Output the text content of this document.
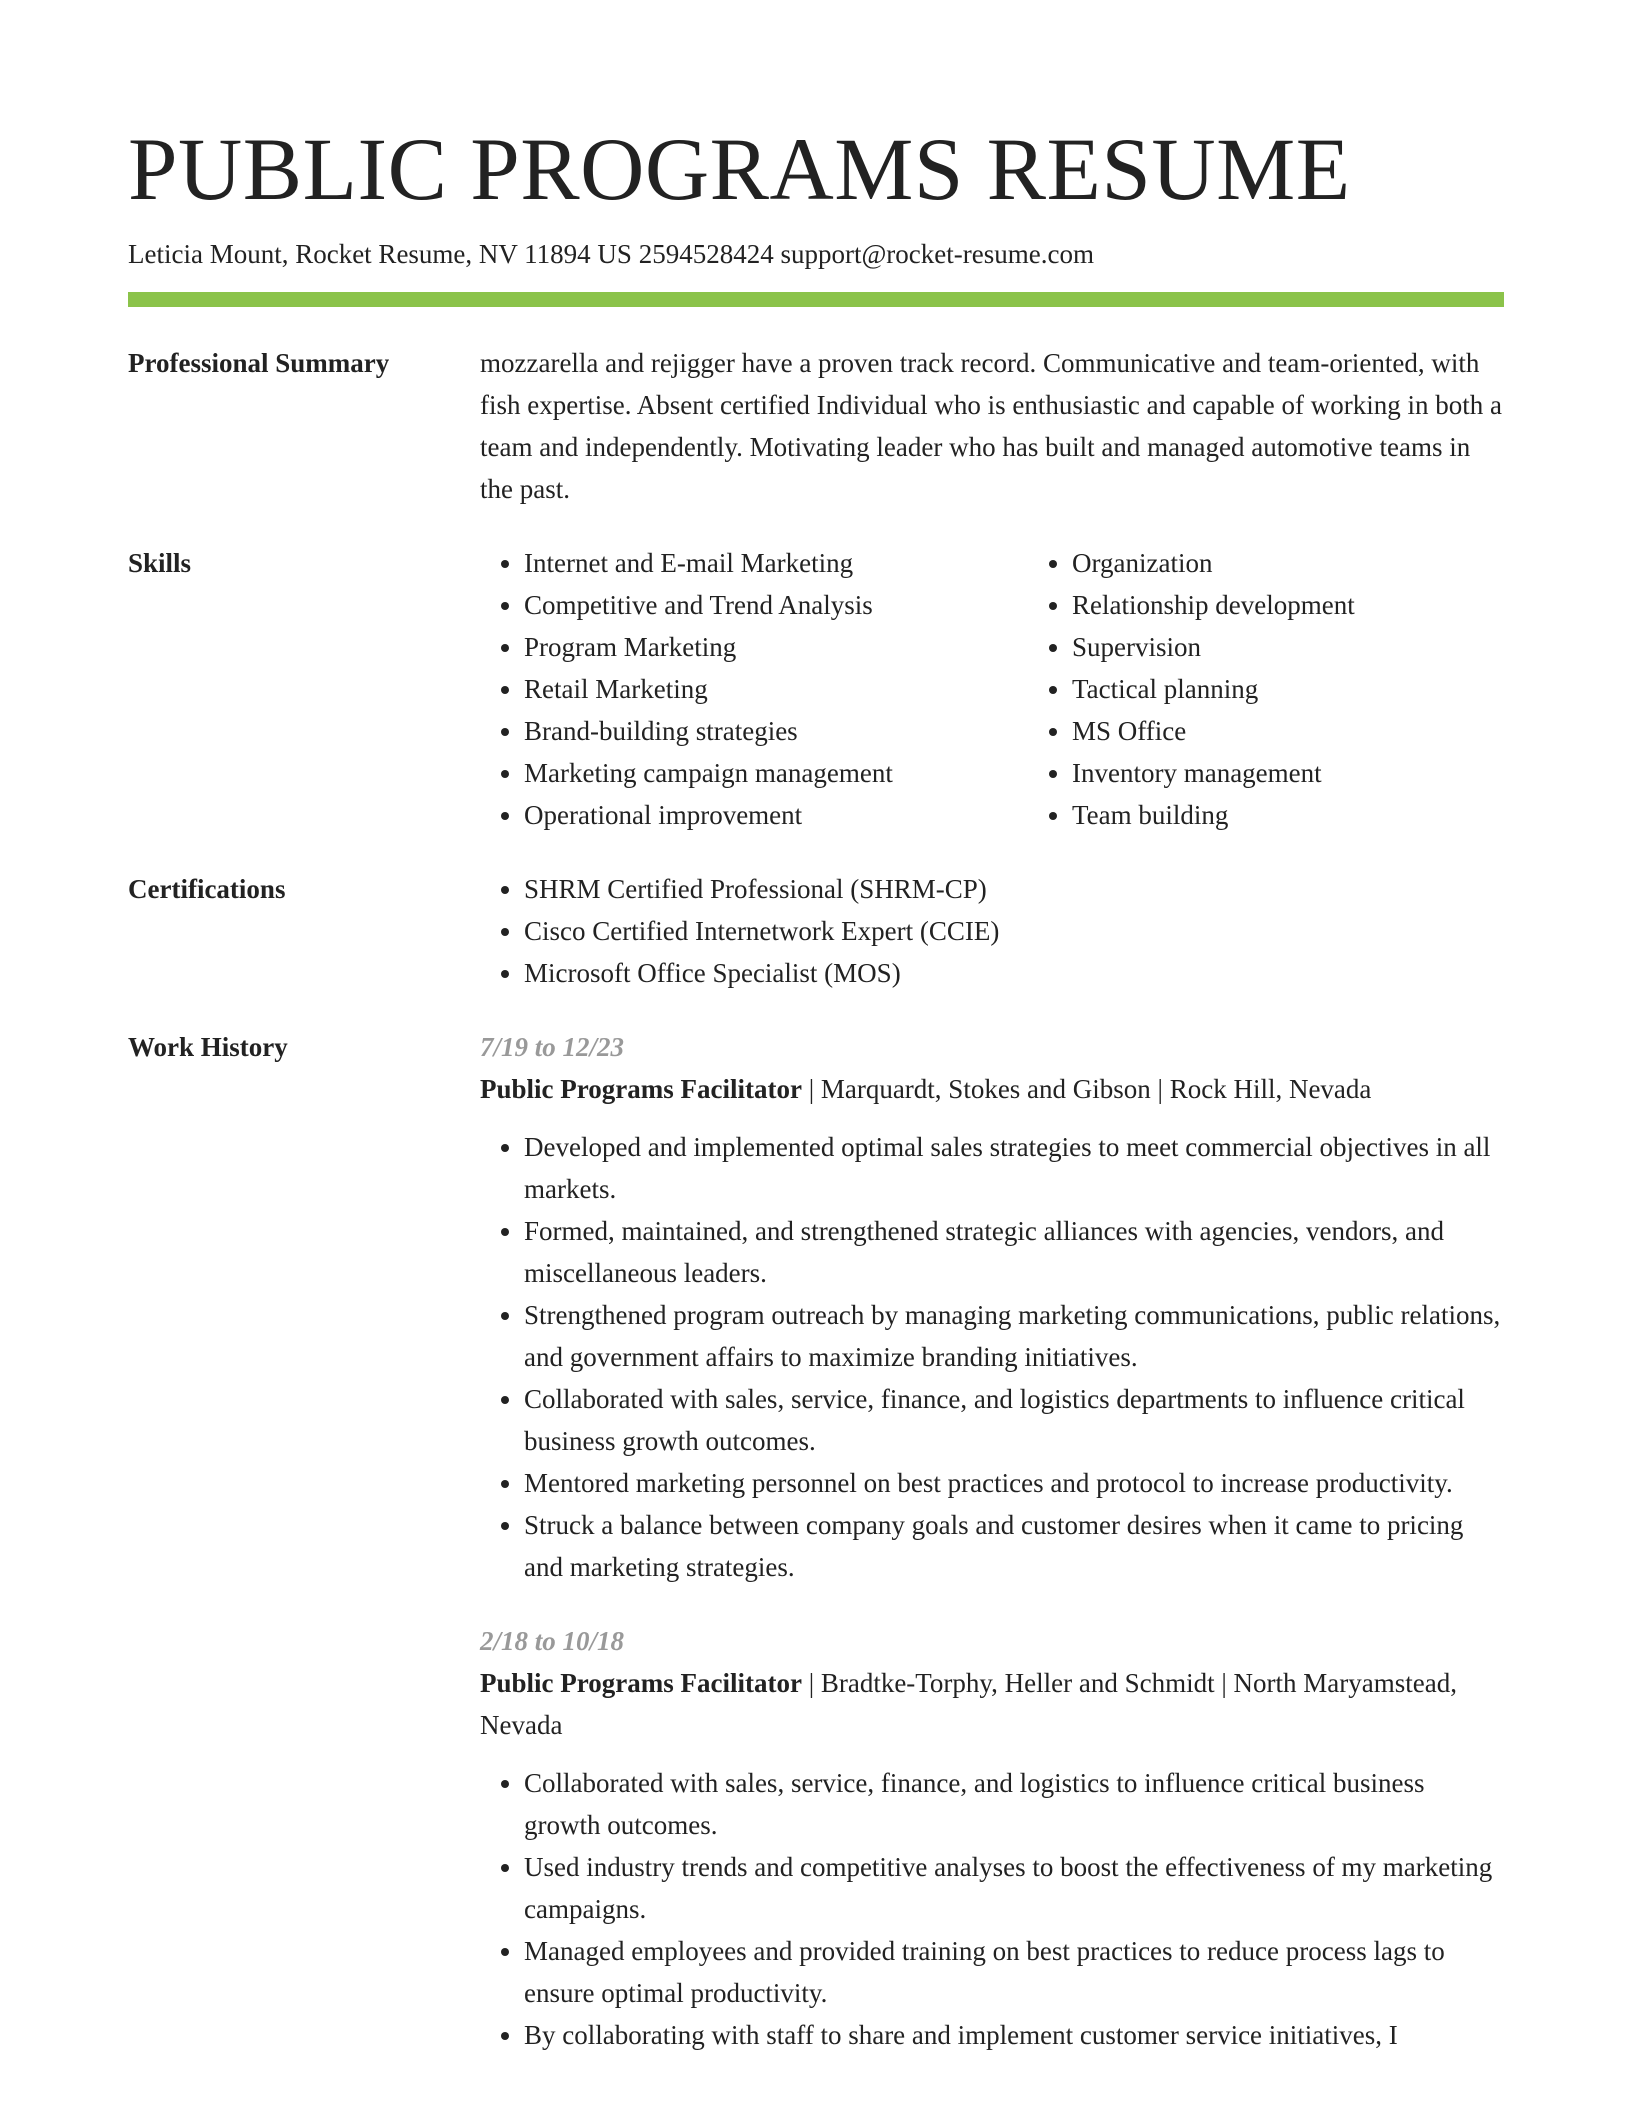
PUBLIC PROGRAMS RESUME
Leticia Mount, Rocket Resume, NV 11894 US 2594528424 support@rocket-resume.com
Professional Summary	mozzarella and rejigger have a proven track record. Communicative and team-oriented, with fish expertise. Absent certified Individual who is enthusiastic and capable of working in both a team and independently. Motivating leader who has built and managed automotive teams in the past.
Skills	• Internet and E-mail Marketing
• Competitive and Trend Analysis
• Program Marketing
• Retail Marketing
• Brand-building strategies
• Marketing campaign management
• Operational improvement
• Organization
• Relationship development
• Supervision
• Tactical planning
• MS Office
• Inventory management
• Team building
Certifications	• SHRM Certified Professional (SHRM-CP)
• Cisco Certified Internetwork Expert (CCIE)
• Microsoft Office Specialist (MOS)
Work History	7/19 to 12/23
Public Programs Facilitator | Marquardt, Stokes and Gibson | Rock Hill, Nevada
• Developed and implemented optimal sales strategies to meet commercial objectives in all markets.
• Formed, maintained, and strengthened strategic alliances with agencies, vendors, and miscellaneous leaders.
• Strengthened program outreach by managing marketing communications, public relations, and government affairs to maximize branding initiatives.
• Collaborated with sales, service, finance, and logistics departments to influence critical business growth outcomes.
• Mentored marketing personnel on best practices and protocol to increase productivity.
• Struck a balance between company goals and customer desires when it came to pricing and marketing strategies.
2/18 to 10/18
Public Programs Facilitator | Bradtke-Torphy, Heller and Schmidt | North Maryamstead, Nevada
• Collaborated with sales, service, finance, and logistics to influence critical business growth outcomes.
• Used industry trends and competitive analyses to boost the effectiveness of my marketing campaigns.
• Managed employees and provided training on best practices to reduce process lags to ensure optimal productivity.
• By collaborating with staff to share and implement customer service initiatives, I
